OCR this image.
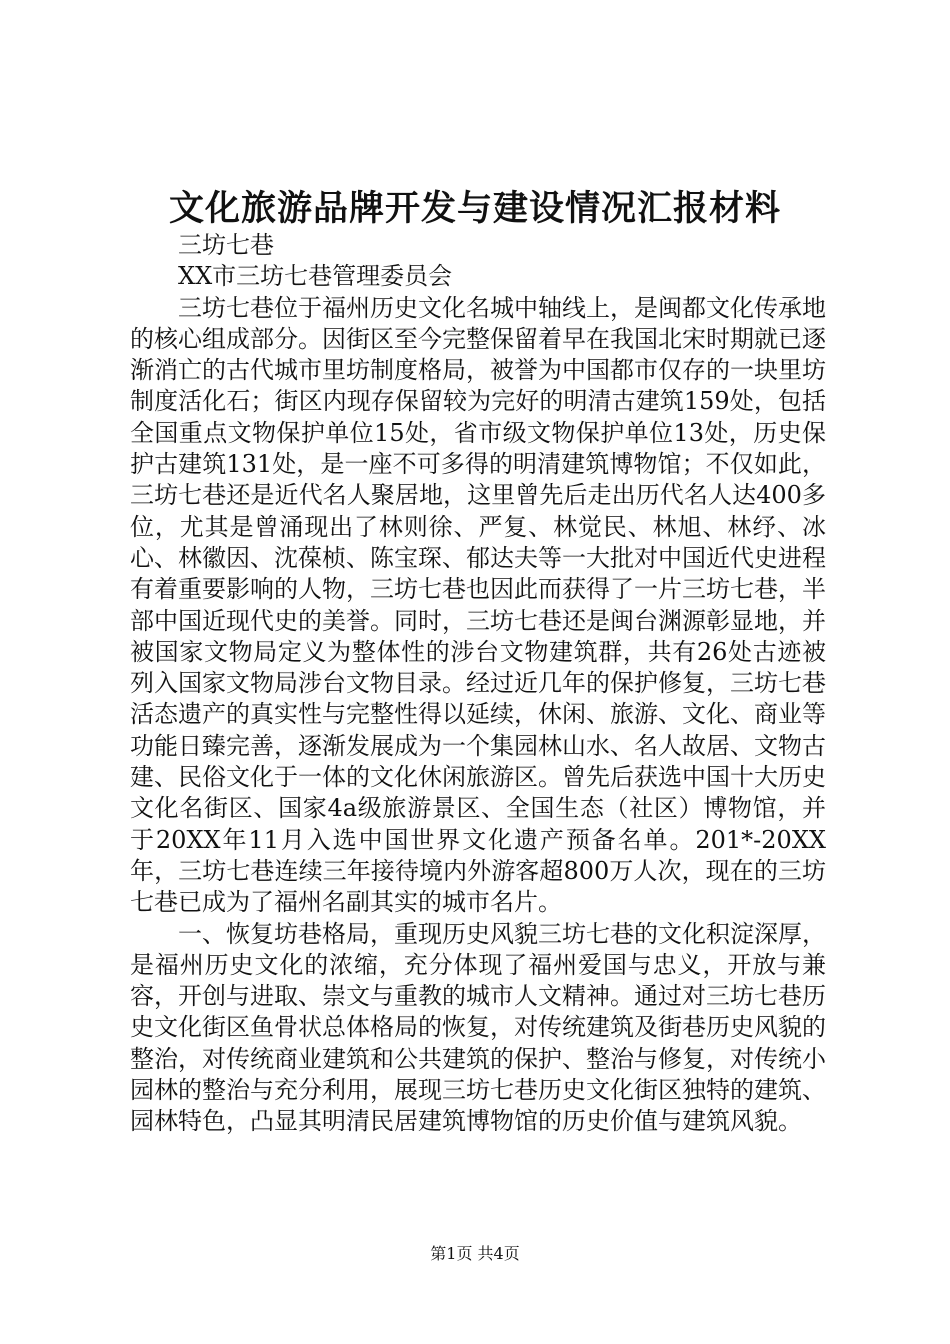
文化旅游品牌开发与建设情况汇报材料

三坊七巷

XX市三坊七巷管理委员会

三坊七巷位于福州历史文化名城中轴线上，是闽都文化传承地的核心组成部分。因街区至今完整保留着早在我国北宋时期就已逐渐消亡的古代城市里坊制度格局，被誉为中国都市仅存的一块里坊制度活化石；街区内现存保留较为完好的明清古建筑159处，包括全国重点文物保护单位15处，省市级文物保护单位13处，历史保护古建筑131处，是一座不可多得的明清建筑博物馆；不仅如此，三坊七巷还是近代名人聚居地，这里曾先后走出历代名人达400多位，尤其是曾涌现出了林则徐、严复、林觉民、林旭、林纾、冰心、林徽因、沈葆桢、陈宝琛、郁达夫等一大批对中国近代史进程有着重要影响的人物，三坊七巷也因此而获得了一片三坊七巷，半部中国近现代史的美誉。同时，三坊七巷还是闽台渊源彰显地，并被国家文物局定义为整体性的涉台文物建筑群，共有26处古迹被列入国家文物局涉台文物目录。经过近几年的保护修复，三坊七巷活态遗产的真实性与完整性得以延续，休闲、旅游、文化、商业等功能日臻完善，逐渐发展成为一个集园林山水、名人故居、文物古建、民俗文化于一体的文化休闲旅游区。曾先后获选中国十大历史文化名街区、国家4a级旅游景区、全国生态（社区）博物馆，并于20XX年11月入选中国世界文化遗产预备名单。201*-20XX年，三坊七巷连续三年接待境内外游客超800万人次，现在的三坊七巷已成为了福州名副其实的城市名片。

一、恢复坊巷格局，重现历史风貌三坊七巷的文化积淀深厚，是福州历史文化的浓缩，充分体现了福州爱国与忠义，开放与兼容，开创与进取、崇文与重教的城市人文精神。通过对三坊七巷历史文化街区鱼骨状总体格局的恢复，对传统建筑及街巷历史风貌的整治，对传统商业建筑和公共建筑的保护、整治与修复，对传统小园林的整治与充分利用，展现三坊七巷历史文化街区独特的建筑、园林特色，凸显其明清民居建筑博物馆的历史价值与建筑风貌。

第1页 共4页
